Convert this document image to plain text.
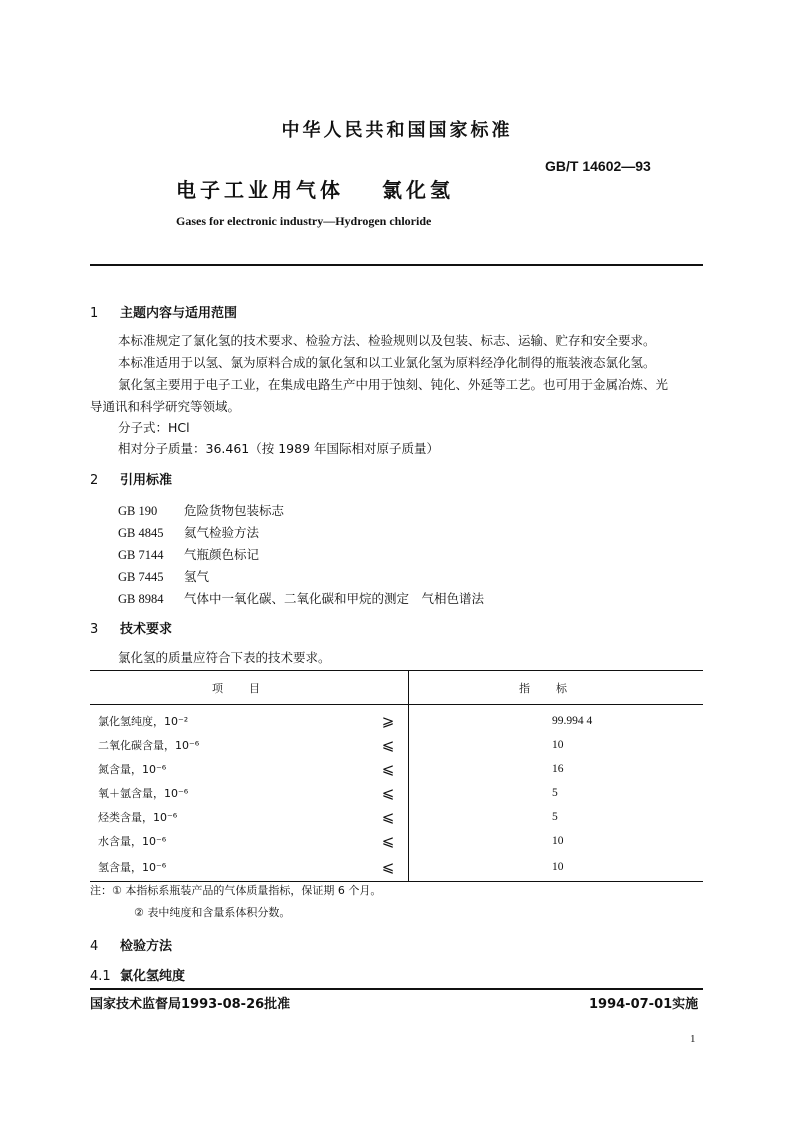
中华人民共和国国家标准
GB/T 14602—93
电子工业用气体 氯化氢
Gases for electronic industry—Hydrogen chloride
1 主题内容与适用范围
本标准规定了氯化氢的技术要求、检验方法、检验规则以及包装、标志、运输、贮存和安全要求。
本标准适用于以氢、氯为原料合成的氯化氢和以工业氯化氢为原料经净化制得的瓶装液态氯化氢。
氯化氢主要用于电子工业，在集成电路生产中用于蚀刻、钝化、外延等工艺。也可用于金属冶炼、光
导通讯和科学研究等领域。
分子式：HCl
相对分子质量：36.461（按 1989 年国际相对原子质量）
2 引用标准
GB 190 危险货物包装标志
GB 4845 氦气检验方法
GB 7144 气瓶颜色标记
GB 7445 氢气
GB 8984 气体中一氧化碳、二氧化碳和甲烷的测定　气相色谱法
3 技术要求
氯化氢的质量应符合下表的技术要求。
项目		指标
氯化氢纯度，10⁻²	⩾	99.994 4
二氧化碳含量，10⁻⁶	⩽	10
氮含量，10⁻⁶	⩽	16
氧＋氩含量，10⁻⁶	⩽	5
烃类含量，10⁻⁶	⩽	5
水含量，10⁻⁶	⩽	10
氢含量，10⁻⁶	⩽	10
注：① 本指标系瓶装产品的气体质量指标，保证期 6 个月。
② 表中纯度和含量系体积分数。
4 检验方法
4.1 氯化氢纯度
国家技术监督局1993-08-26批准	1994-07-01实施
1
